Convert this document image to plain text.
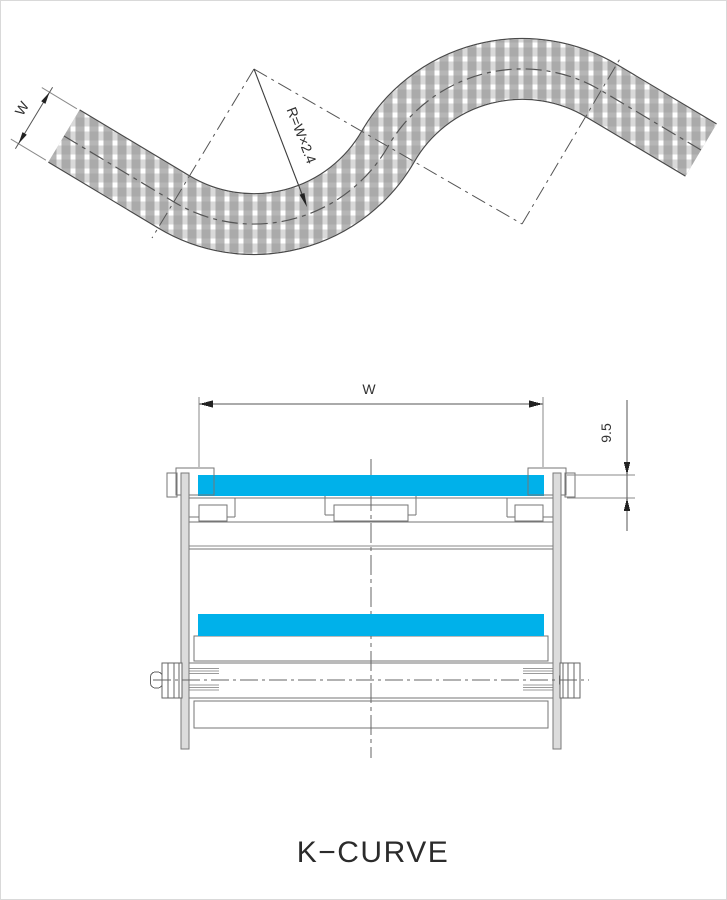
R=W×2.4
W
W
9.5
K−CURVE
